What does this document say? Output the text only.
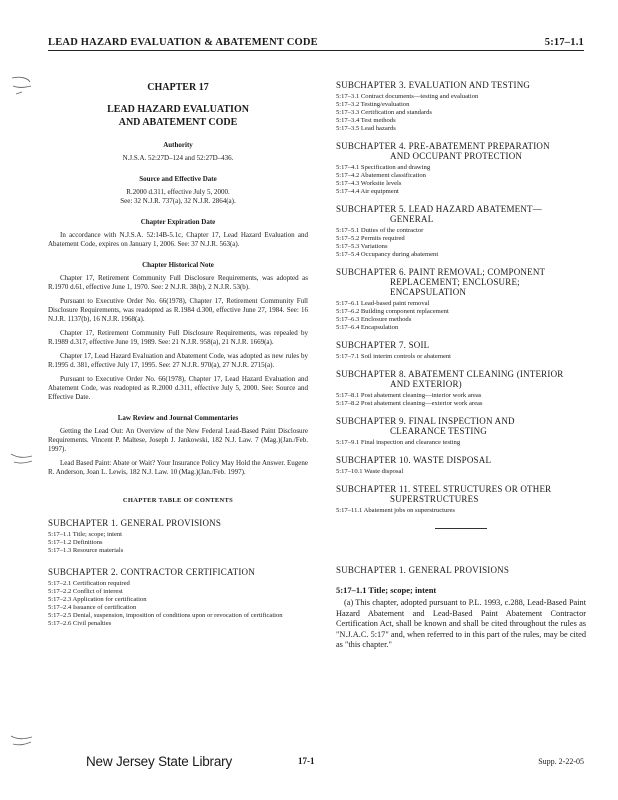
LEAD HAZARD EVALUATION & ABATEMENT CODE	5:17–1.1
CHAPTER 17
LEAD HAZARD EVALUATION
AND ABATEMENT CODE
Authority
N.J.S.A. 52:27D–124 and 52:27D–436.
Source and Effective Date
R.2000 d.311, effective July 5, 2000.
See: 32 N.J.R. 737(a), 32 N.J.R. 2864(a).
Chapter Expiration Date
In accordance with N.J.S.A. 52:14B-5.1c, Chapter 17, Lead Hazard Evaluation and Abatement Code, expires on January 1, 2006. See: 37 N.J.R. 563(a).
Chapter Historical Note
Chapter 17, Retirement Community Full Disclosure Requirements, was adopted as R.1970 d.61, effective June 1, 1970. See: 2 N.J.R. 38(b), 2 N.J.R. 53(b).
Pursuant to Executive Order No. 66(1978), Chapter 17, Retirement Community Full Disclosure Requirements, was readopted as R.1984 d.300, effective June 27, 1984. See: 16 N.J.R. 1137(b), 16 N.J.R. 1968(a).
Chapter 17, Retirement Community Full Disclosure Requirements, was repealed by R.1989 d.317, effective June 19, 1989. See: 21 N.J.R. 958(a), 21 N.J.R. 1669(a).
Chapter 17, Lead Hazard Evaluation and Abatement Code, was adopted as new rules by R.1995 d. 381, effective July 17, 1995. See: 27 N.J.R. 970(a), 27 N.J.R. 2715(a).
Pursuant to Executive Order No. 66(1978), Chapter 17, Lead Hazard Evaluation and Abatement Code, was readopted as R.2000 d.311, effective July 5, 2000. See: Source and Effective Date.
Law Review and Journal Commentaries
Getting the Lead Out: An Overview of the New Federal Lead-Based Paint Disclosure Requirements. Vincent P. Maltese, Joseph J. Jankowski, 182 N.J. Law. 7 (Mag.)(Jan./Feb. 1997).
Lead Based Paint: Abate or Wait? Your Insurance Policy May Hold the Answer. Eugene R. Anderson, Joan L. Lewis, 182 N.J. Law. 10 (Mag.)(Jan./Feb. 1997).
CHAPTER TABLE OF CONTENTS
SUBCHAPTER 1. GENERAL PROVISIONS
5:17–1.1 Title; scope; intent
5:17–1.2 Definitions
5:17–1.3 Resource materials
SUBCHAPTER 2. CONTRACTOR CERTIFICATION
5:17–2.1 Certification required
5:17–2.2 Conflict of interest
5:17–2.3 Application for certification
5:17–2.4 Issuance of certification
5:17–2.5 Denial, suspension, imposition of conditions upon or revocation of certification
5:17–2.6 Civil penalties
SUBCHAPTER 3. EVALUATION AND TESTING
5:17–3.1 Contract documents—testing and evaluation
5:17–3.2 Testing/evaluation
5:17–3.3 Certification and standards
5:17–3.4 Test methods
5:17–3.5 Lead hazards
SUBCHAPTER 4. PRE-ABATEMENT PREPARATION
AND OCCUPANT PROTECTION
5:17–4.1 Specification and drawing
5:17–4.2 Abatement classification
5:17–4.3 Worksite levels
5:17–4.4 Air equipment
SUBCHAPTER 5. LEAD HAZARD ABATEMENT—
GENERAL
5:17–5.1 Duties of the contractor
5:17–5.2 Permits required
5:17–5.3 Variations
5:17–5.4 Occupancy during abatement
SUBCHAPTER 6. PAINT REMOVAL; COMPONENT
REPLACEMENT; ENCLOSURE; ENCAPSULATION
5:17–6.1 Lead-based paint removal
5:17–6.2 Building component replacement
5:17–6.3 Enclosure methods
5:17–6.4 Encapsulation
SUBCHAPTER 7. SOIL
5:17–7.1 Soil interim controls or abatement
SUBCHAPTER 8. ABATEMENT CLEANING (INTERIOR
AND EXTERIOR)
5:17–8.1 Post abatement cleaning—interior work areas
5:17–8.2 Post abatement cleaning—exterior work areas
SUBCHAPTER 9. FINAL INSPECTION AND
CLEARANCE TESTING
5:17–9.1 Final inspection and clearance testing
SUBCHAPTER 10. WASTE DISPOSAL
5:17–10.1 Waste disposal
SUBCHAPTER 11. STEEL STRUCTURES OR OTHER
SUPERSTRUCTURES
5:17–11.1 Abatement jobs on superstructures
SUBCHAPTER 1. GENERAL PROVISIONS
5:17–1.1 Title; scope; intent
(a) This chapter, adopted pursuant to P.L. 1993, c.288, Lead-Based Paint Hazard Abatement and Lead-Based Paint Abatement Contractor Certification Act, shall be known and shall be cited throughout the rules as "N.J.A.C. 5:17" and, when referred to in this part of the rules, may be cited as "this chapter."
New Jersey State Library	17-1	Supp. 2-22-05
